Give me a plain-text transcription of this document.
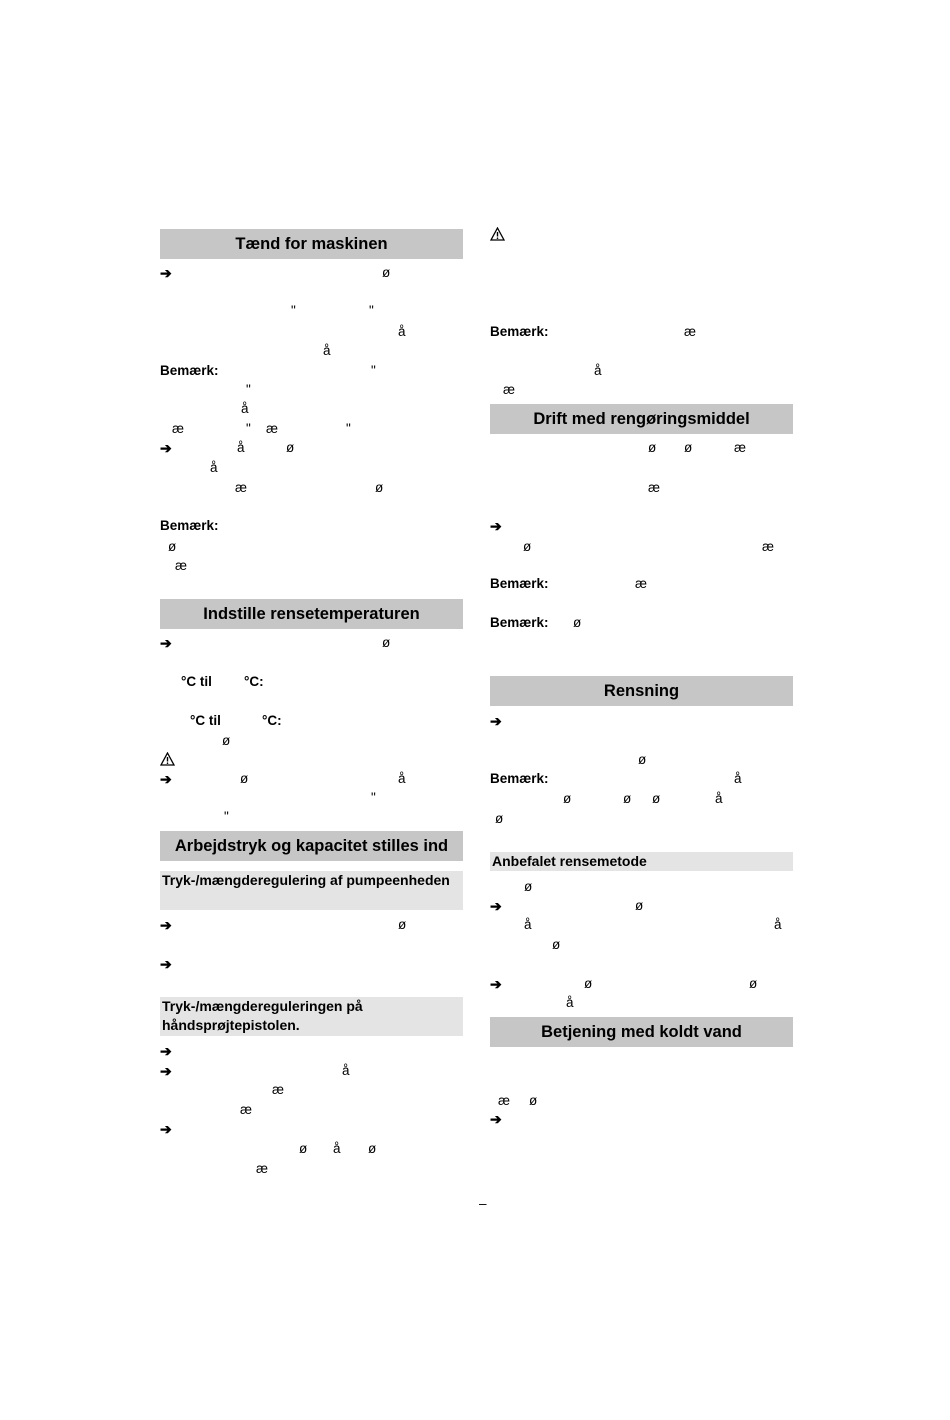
Tænd for maskinen
➔	ø
"	"
å
å
Bemærk:	"
"
å
æ	" æ	"
➔	å	ø
å
æ	ø
Bemærk:
ø
æ
Indstille rensetemperaturen
➔	ø
°C til °C:
°C til	°C:
ø
➔	ø	å
"
"
Arbejdstryk og kapacitet stilles ind
Tryk-/mængderegulering af pumpeenheden
➔	ø
➔
Tryk-/mængdereguleringen på håndsprøjtepistolen.
➔
➔	å
æ
æ
➔
ø å ø
æ
Bemærk:	æ
å
æ
Drift med rengøringsmiddel
ø ø	æ
æ
➔
ø	æ
Bemærk:	æ
Bemærk: ø
Rensning
➔
ø
Bemærk:	å
ø	ø ø	å
ø
Anbefalet rensemetode
ø
➔	ø
å	å
ø
➔	ø	ø
å
Betjening med koldt vand
æ ø
➔
–
